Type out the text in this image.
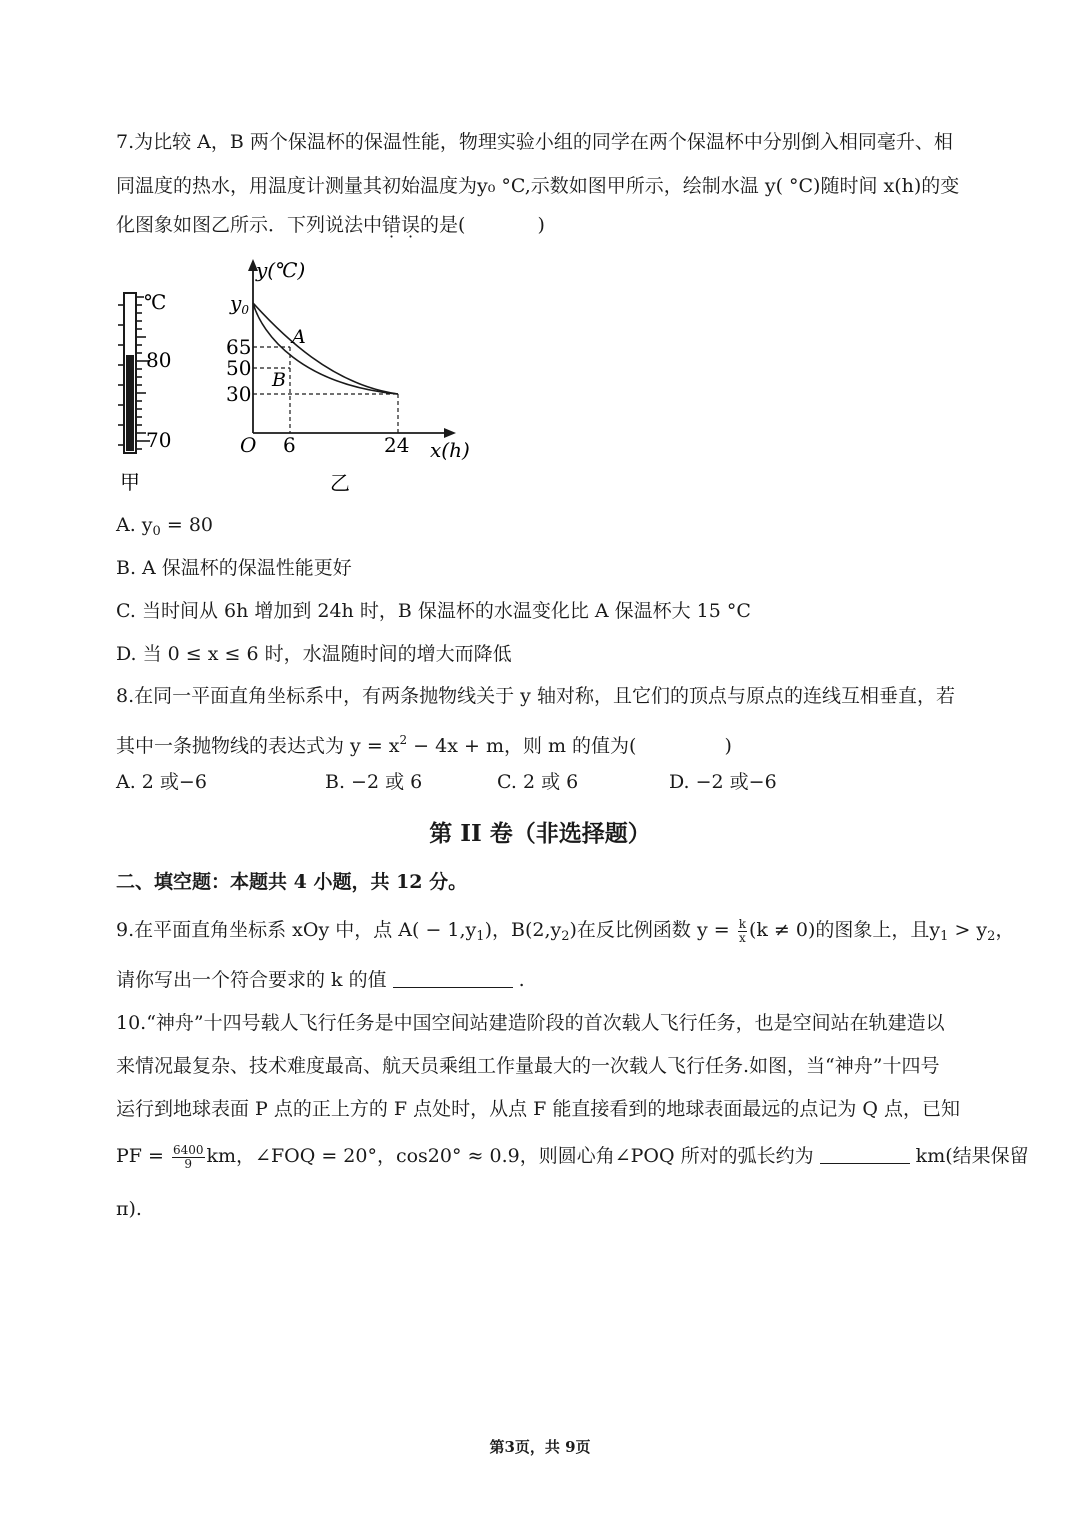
7.为比较 A，B 两个保温杯的保温性能，物理实验小组的同学在两个保温杯中分别倒入相同毫升、相
同温度的热水，用温度计测量其初始温度为y₀ °C,示数如图甲所示，绘制水温 y( °C)随时间 x(h)的变
化图象如图乙所示．下列说法中错误的是(	)
℃
80
70
甲
y(℃)
$y_0$
65
50
30
A
B
O 6	24 x(h)
乙
A. $y_0 = 80$
B. A 保温杯的保温性能更好
C. 当时间从 6h 增加到 24h 时，B 保温杯的水温变化比 A 保温杯大 15 °C
D. 当 0 ≤ x ≤ 6 时，水温随时间的增大而降低
8.在同一平面直角坐标系中，有两条抛物线关于 y 轴对称，且它们的顶点与原点的连线互相垂直，若
其中一条抛物线的表达式为 $y = x^2 - 4x + m$，则 m 的值为(	)
A. 2 或−6	B. −2 或 6	C. 2 或 6	D. −2 或−6
第 II 卷（非选择题）
二、填空题：本题共 4 小题，共 12 分。
9.在平面直角坐标系 xOy 中，点 $A( - 1,y_1)$，$B(2,y_2)$在反比例函数 $y = \frac{k}{x} (k \ne 0)$的图象上，且$y_1 > y_2$，
请你写出一个符合要求的 k 的值	.
10.“神舟”十四号载人飞行任务是中国空间站建造阶段的首次载人飞行任务，也是空间站在轨建造以
来情况最复杂、技术难度最高、航天员乘组工作量最大的一次载人飞行任务.如图，当“神舟”十四号
运行到地球表面 P 点的正上方的 F 点处时，从点 F 能直接看到的地球表面最远的点记为 Q 点，已知
PF = $\frac{6400}{9}$ km，∠FOQ = 20°，cos20° ≈ 0.9，则圆心角∠POQ 所对的弧长约为	km(结果保留
π).
第3页，共 9页
